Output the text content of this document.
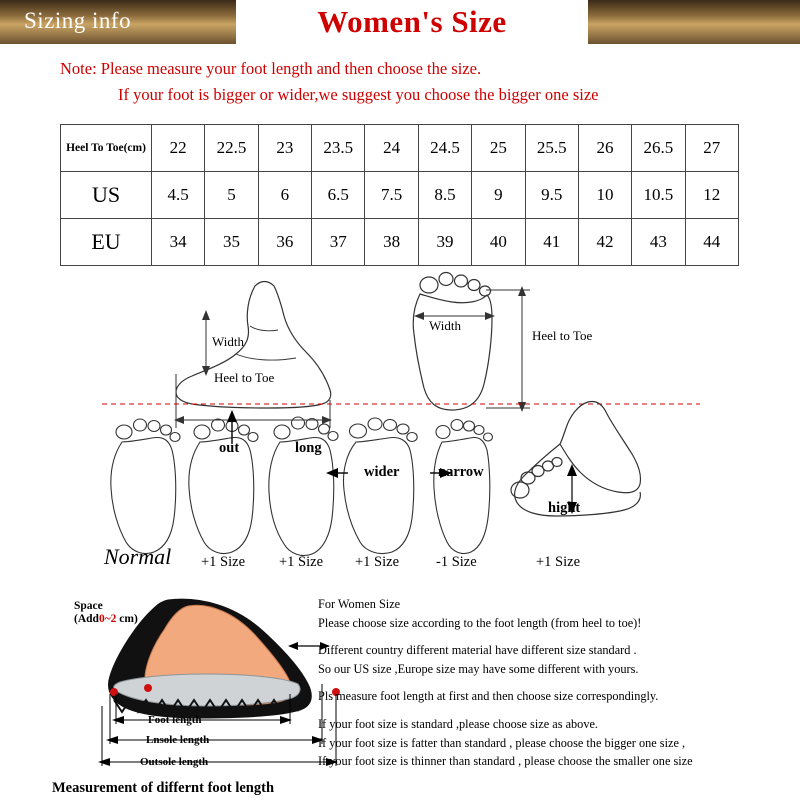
Sizing info	Women's Size
Note: Please measure your foot length and then choose the size.
If your foot is bigger or wider,we suggest you choose the bigger one size
Heel To Toe(cm)	22	22.5	23	23.5	24	24.5	25	25.5	26	26.5	27
US	4.5	5	6	6.5	7.5	8.5	9	9.5	10	10.5	12
EU	34	35	36	37	38	39	40	41	42	43	44
Width
Heel to Toe
Width
Heel to Toe
out	long
wider	narrow
hight
Normal +1 Size +1 Size +1 Size	-1 Size	+1 Size
Space
(Add0~2 cm)
Foot length
Lnsole length
Outsole length
Measurement of differnt foot length

For Women Size

Please choose size according to the foot length (from heel to toe)!

Different country different material have different size standard .

So our US size ,Europe size may have some different with yours.

Pls measure foot length at first and then choose size correspondingly.

If your foot size is standard ,please choose size as above.

If your foot size is fatter than standard , please choose the bigger one size ,

If your foot size is thinner than standard , please choose the smaller one size
